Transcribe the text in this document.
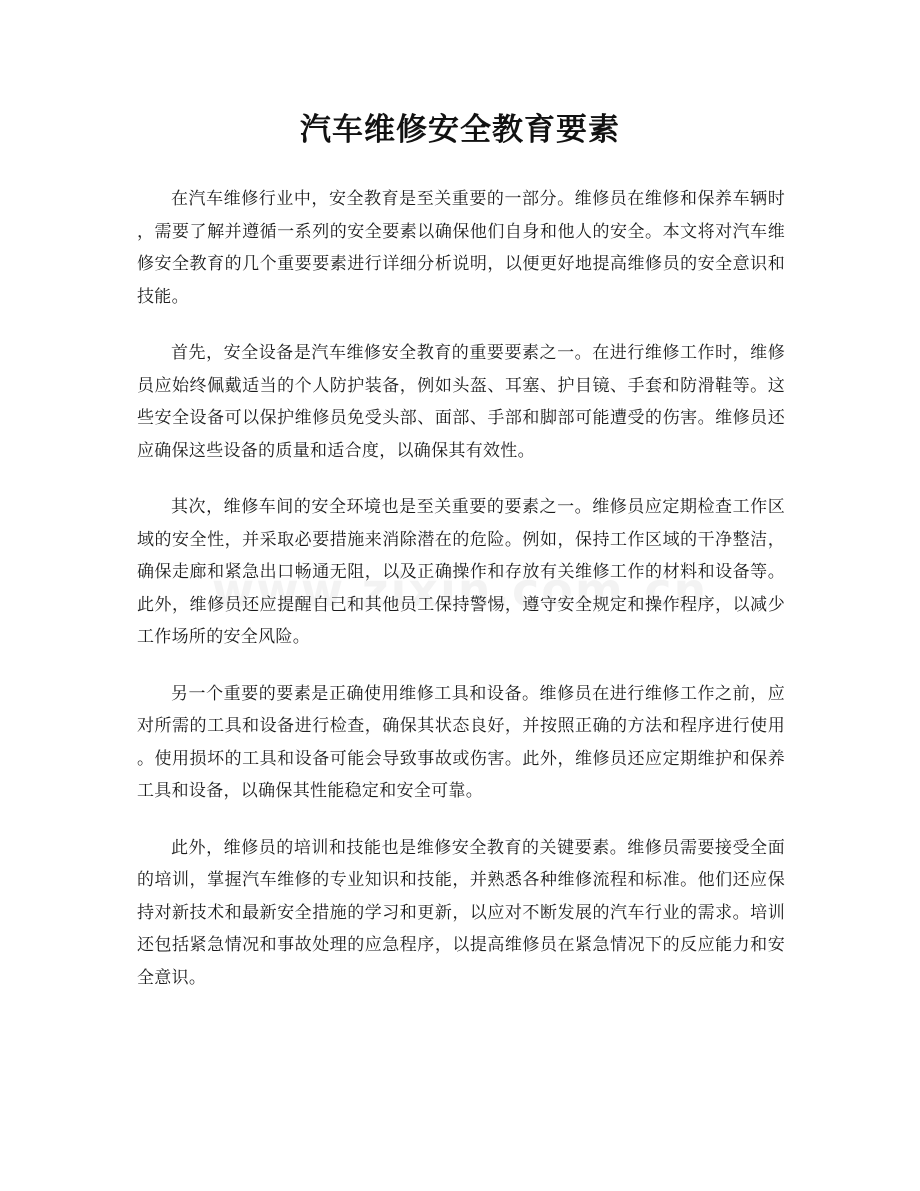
汽车维修安全教育要素

在汽车维修行业中，安全教育是至关重要的一部分。维修员在维修和保养车辆时，需要了解并遵循一系列的安全要素以确保他们自身和他人的安全。本文将对汽车维修安全教育的几个重要要素进行详细分析说明，以便更好地提高维修员的安全意识和技能。

首先，安全设备是汽车维修安全教育的重要要素之一。在进行维修工作时，维修员应始终佩戴适当的个人防护装备，例如头盔、耳塞、护目镜、手套和防滑鞋等。这些安全设备可以保护维修员免受头部、面部、手部和脚部可能遭受的伤害。维修员还应确保这些设备的质量和适合度，以确保其有效性。

其次，维修车间的安全环境也是至关重要的要素之一。维修员应定期检查工作区域的安全性，并采取必要措施来消除潜在的危险。例如，保持工作区域的干净整洁，确保走廊和紧急出口畅通无阻，以及正确操作和存放有关维修工作的材料和设备等。此外，维修员还应提醒自己和其他员工保持警惕，遵守安全规定和操作程序，以减少工作场所的安全风险。

另一个重要的要素是正确使用维修工具和设备。维修员在进行维修工作之前，应对所需的工具和设备进行检查，确保其状态良好，并按照正确的方法和程序进行使用。使用损坏的工具和设备可能会导致事故或伤害。此外，维修员还应定期维护和保养工具和设备，以确保其性能稳定和安全可靠。

此外，维修员的培训和技能也是维修安全教育的关键要素。维修员需要接受全面的培训，掌握汽车维修的专业知识和技能，并熟悉各种维修流程和标准。他们还应保持对新技术和最新安全措施的学习和更新，以应对不断发展的汽车行业的需求。培训还包括紧急情况和事故处理的应急程序，以提高维修员在紧急情况下的反应能力和安全意识。
